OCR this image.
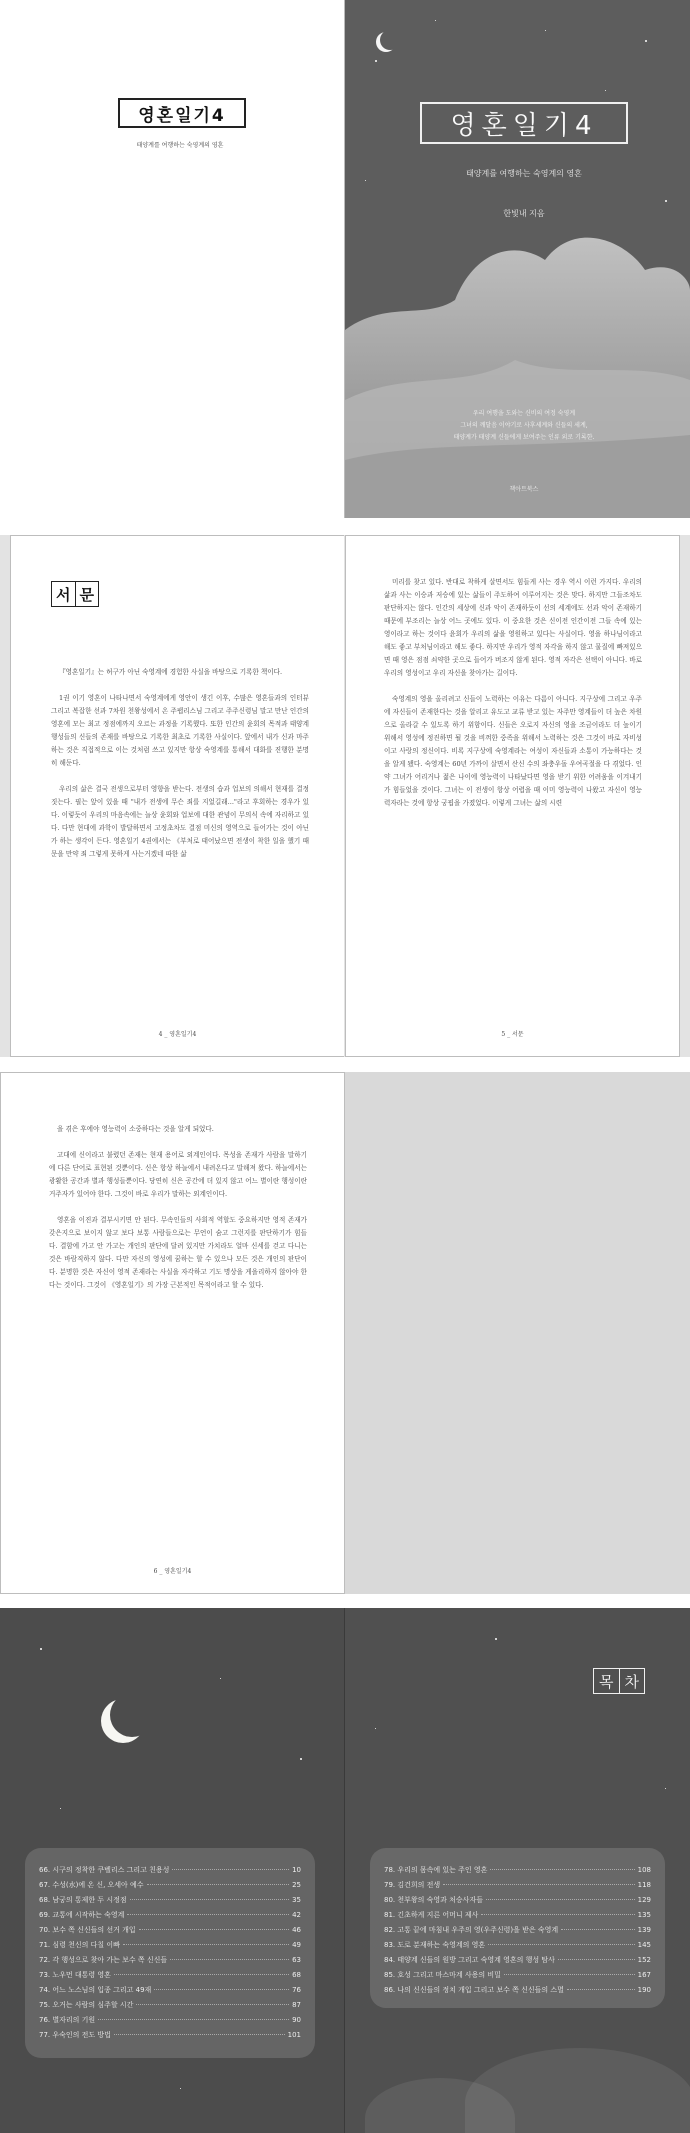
영혼일기4
태양계를 여행하는 숙영계의 영혼
영혼일기4
태양계를 여행하는 숙영계의 영혼
한빛내 지음
우리 여행을 도와는 신비의 여정 숙영계
그녀의 깨달음 이야기로 사후세계와 신들의 세계,
태양계가 태양계 신들에게 보여주는 인류 외로 기록한.
책아트북스
서 문

『영혼일기』는 허구가 아닌 숙영계에 경험한 사실을 바탕으로 기록한 책이다.

1권 이기 영혼이 나타나면서 숙영계에게 영안이 생긴 이후, 수많은 영혼들과의 인터뷰 그리고 복잡한 선과 7차원 천왕성에서 온 주팹리스님 그리고 주주신령님 말고 만난 인간의 영혼에 모는 최고 정점에까지 오르는 과정을 기록했다. 또한 인간의 윤회의 목적과 태양계 행성들의 신들의 존재를 바탕으로 기록한 최초로 기록한 사실이다. 앞에서 내가 신과 마주하는 것은 직접적으로 이는 것처럼 쓰고 있지만 항상 숙영계를 통해서 대화를 진행한 분명히 해둔다.

우리의 삶은 결국 전생으로부터 영향을 받는다. 전생의 습과 업보의 의해서 현재를 결정짓는다. 필는 앞이 있을 때 "내가 전생에 무슨 죄를 지었길래..."라고 후회하는 경우가 있다. 이렇듯이 우리의 마음속에는 늘상 윤회와 업보에 대한 관념이 무의식 속에 자리하고 있다. 다만 현대에 과학이 발달하면서 고정초차도 결점 미신의 영역으로 들어가는 것이 아닌가 하는 생각이 든다. 영혼일기 4권에서는 《부처로 태어났으면 전생이 착한 일을 했기 때문을 만약 죄 그렇게 못하게 사는거겠네 따한 삶

4 _ 영혼일기4

미리를 찾고 있다. 반대로 착하게 살면서도 힘들게 사는 경우 역시 이런 가지다. 우리의 삶과 사는 이승과 저승에 있는 삶들이 주도하여 이루어지는 것은 맞다. 하지만 그들조차도 판단하지는 않다. 인간의 세상에 신과 악이 존재하듯이 선의 세계에도 선과 악이 존재하기 때문에 부조리는 늘상 어느 곳에도 있다. 이 중요한 것은 신이전 인간이전 그들 속에 있는 영이라고 하는 것이다 윤회가 우리의 삶을 영원하고 있다는 사실이다. 영을 하나님이라고 해도 좋고 부처님이라고 해도 좋다. 하지만 우리가 영적 자각을 하지 않고 물질에 빠져있으면 때 영은 점점 쇠약한 곳으로 들어가 버조지 않게 된다. 영적 자각은 선택이 아니다. 바로 우리의 영성이고 우리 자신을 찾아가는 길이다.

숙영계의 영을 올리려고 신들이 노력하는 이유는 다름이 아니다. 지구상에 그리고 우주에 자신들이 존재한다는 것을 알리고 유도고 교류 받고 있는 자주만 영계들이 더 높은 차원으로 올라갈 수 있도록 하기 위함이다. 신들은 오로지 자신의 영을 조금이라도 더 높이기 위해서 영성에 정진하면 될 것을 비껴한 중족을 위해서 노력하는 것은 그것이 바로 자비성이고 사랑의 정신이다. 비록 지구상에 숙영계라는 여성이 자신들과 소통이 가능하다는 것을 알게 됐다. 숙영계는 60년 가까이 살면서 산신 수의 좌충우돌 우여곡절을 다 겪었다. 인약 그녀가 어리거나 젊은 나이에 영능력이 나타났다면 영을 받기 위한 어려움을 이겨내기가 힘들었을 것이다. 그녀는 이 전생이 항상 어렵을 때 이미 영능력이 나왔고 자신이 영능력자라는 것에 항상 궁핍을 가졌었다. 이렇게 그녀는 삶의 시련

5 _ 서문

을 겪은 후에야 영능력이 소중하다는 것을 알게 되었다.

고대에 신이라고 불렸던 존재는 현재 용어로 외계인이다. 목성을 존재가 사람을 말하기에 다른 단어로 표현된 것뿐이다. 신은 항상 하늘에서 내려온다고 말해져 왔다. 하늘에서는 광활한 공간과 별과 행성들뿐이다. 당연히 신은 공간에 더 있지 않고 어느 별이란 행성이란 거주자가 있어야 한다. 그것이 바로 우리가 말하는 외계인이다.

영혼을 이진과 결부시키면 안 된다. 무속인들의 사회적 역할도 중요하지만 영적 존재가 갖은지으로 보이지 않고 보다 보통 사람들으로는 무언이 숨고 그런지를 판단하기가 힘들다. 결함에 가고 안 가고는 개인의 판단에 달려 있지만 가치라도 얼마 신세를 걷고 다니는 것은 바람직하지 않다. 다만 자신의 영성에 꿈하는 할 수 있으나 모든 것은 개인의 판단이다. 분명한 것은 자신이 영적 존재라는 사실을 자각하고 기도 명상을 게을리하지 않아야 한다는 것이다. 그것이 《영혼일기》의 가장 근본적인 목적이라고 할 수 있다.

6 _ 영혼일기4
66. 시구의 정착한 쿠벨리스 그리고 친용성	10
67. 수성(水)에 온 신, 오세아 예수	25
68. 남궁의 통제한 두 시정점	35
69. 교통에 시작하는 숙영계	42
70. 보수 쪽 신신들의 선거 개입	46
71. 심령 천신의 다칠 이빠	49
72. 각 행성으로 찾아 가는 보수 쪽 신신들	63
73. 노우먼 대통령 영혼	68
74. 어느 노스님의 입종 그리고 49재	76
75. 오거는 사람의 심주할 시간	87
76. 별자리의 기원	90
77. 우숙인의 전도 방법	101
목 차
78. 우리의 몸속에 있는 주인 영혼	108
79. 김건희의 전생	118
80. 천부왕의 숙영과 처승사자들	129
81. 긴초하게 지른 어머니 제사	135
82. 고통 끝에 마침내 우주의 영(우주신령)을 받은 숙영계	139
83. 도로 분재하는 숙영계의 영혼	145
84. 태양계 신들의 원방 그리고 숙영계 영혼의 행성 탐사	152
85. 호성 그리고 마스마계 사용의 비밀	167
86. 나의 신신들의 정치 개입 그리고 보수 쪽 신신들의 스멸	190
